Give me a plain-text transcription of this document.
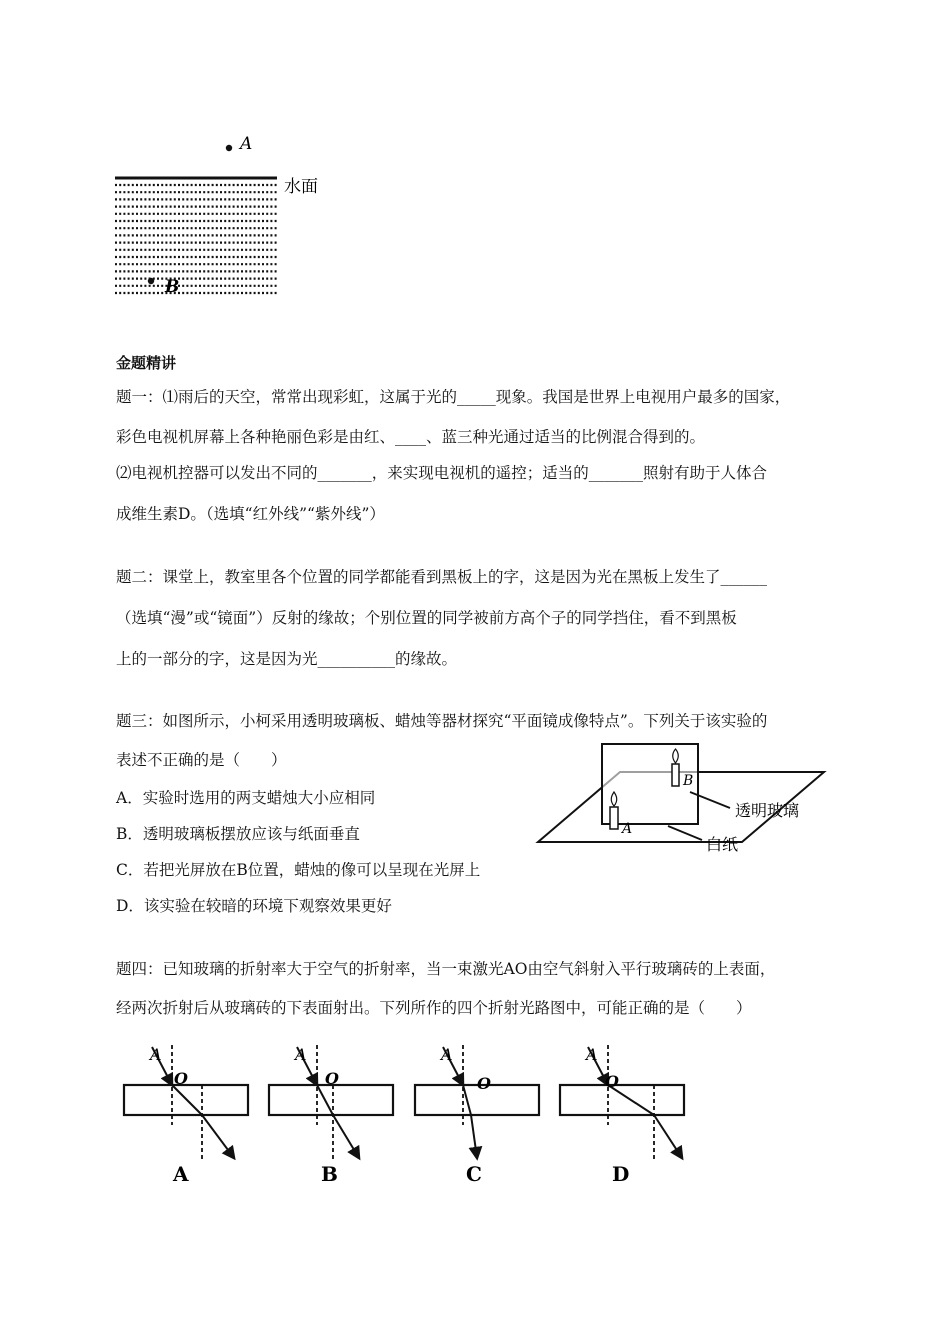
A
水面
B
金题精讲
题一：⑴雨后的天空，常常出现彩虹，这属于光的_____现象。我国是世界上电视用户最多的国家，
彩色电视机屏幕上各种艳丽色彩是由红、____、蓝三种光通过适当的比例混合得到的。
⑵电视机控器可以发出不同的_______，来实现电视机的遥控；适当的_______照射有助于人体合
成维生素D。（选填“红外线”“紫外线”）
题二：课堂上，教室里各个位置的同学都能看到黑板上的字，这是因为光在黑板上发生了______
（选填“漫”或“镜面”）反射的缘故；个别位置的同学被前方高个子的同学挡住，看不到黑板
上的一部分的字，这是因为光__________的缘故。
题三：如图所示，小柯采用透明玻璃板、蜡烛等器材探究“平面镜成像特点”。下列关于该实验的
表述不正确的是（　　）
A．实验时选用的两支蜡烛大小应相同
B．透明玻璃板摆放应该与纸面垂直
C．若把光屏放在B位置，蜡烛的像可以呈现在光屏上
D．该实验在较暗的环境下观察效果更好
A
B
透明玻璃
白纸
题四：已知玻璃的折射率大于空气的折射率，当一束激光AO由空气斜射入平行玻璃砖的上表面，
经两次折射后从玻璃砖的下表面射出。下列所作的四个折射光路图中，可能正确的是（　　）
A
O
A
O
A
O
A
O
A	B	C	D
